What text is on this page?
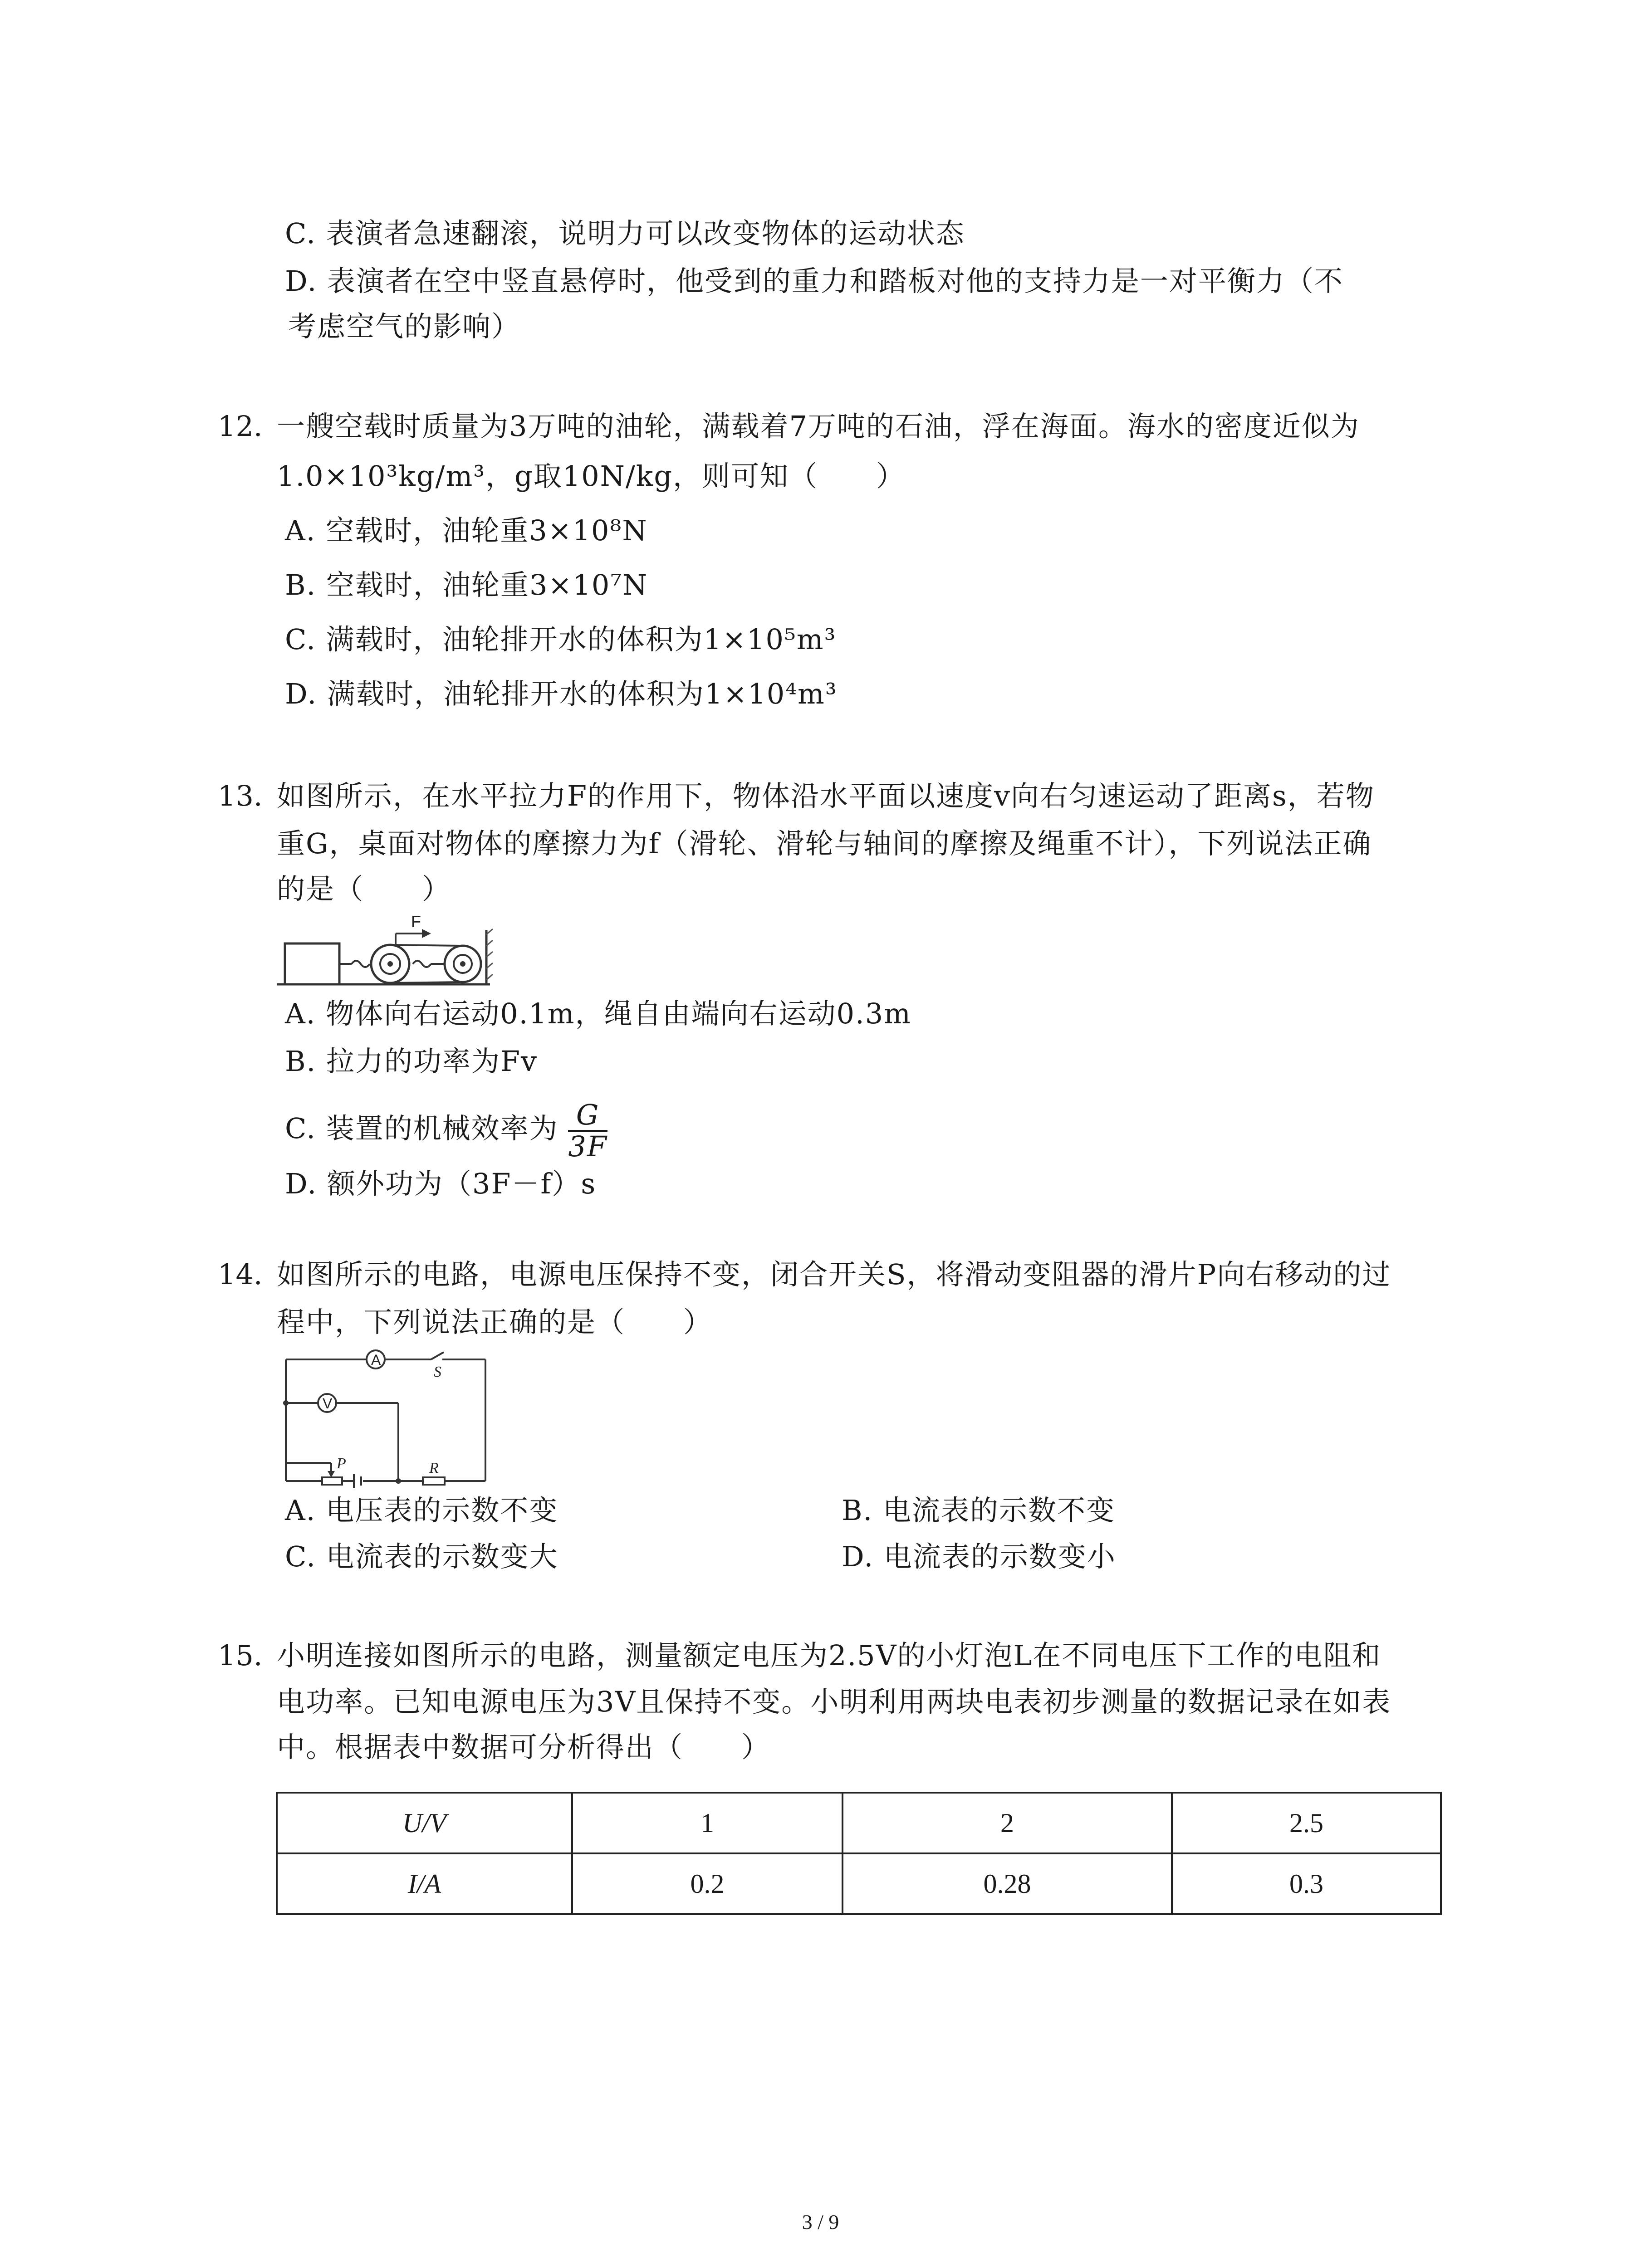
C. 表演者急速翻滚，说明力可以改变物体的运动状态
D. 表演者在空中竖直悬停时，他受到的重力和踏板对他的支持力是一对平衡力（不
考虑空气的影响）
12. 一艘空载时质量为3万吨的油轮，满载着7万吨的石油，浮在海面。海水的密度近似为
1.0×10³kg/m³，g取10N/kg，则可知（　　）
A. 空载时，油轮重3×10⁸N
B. 空载时，油轮重3×10⁷N
C. 满载时，油轮排开水的体积为1×10⁵m³
D. 满载时，油轮排开水的体积为1×10⁴m³
13. 如图所示，在水平拉力F的作用下，物体沿水平面以速度v向右匀速运动了距离s，若物
重G，桌面对物体的摩擦力为f（滑轮、滑轮与轴间的摩擦及绳重不计），下列说法正确
的是（　　）
F
A. 物体向右运动0.1m，绳自由端向右运动0.3m
B. 拉力的功率为Fv
C. 装置的机械效率为 $\frac{G}{3F}$
D. 额外功为（3F－f）s
14. 如图所示的电路，电源电压保持不变，闭合开关S，将滑动变阻器的滑片P向右移动的过
程中，下列说法正确的是（　　）
A
V
S
P	R
A. 电压表的示数不变	B. 电流表的示数不变
C. 电流表的示数变大	D. 电流表的示数变小
15. 小明连接如图所示的电路，测量额定电压为2.5V的小灯泡L在不同电压下工作的电阻和
电功率。已知电源电压为3V且保持不变。小明利用两块电表初步测量的数据记录在如表
中。根据表中数据可分析得出（　　）
U/V	1	2	2.5
I/A	0.2	0.28	0.3
3 / 9
